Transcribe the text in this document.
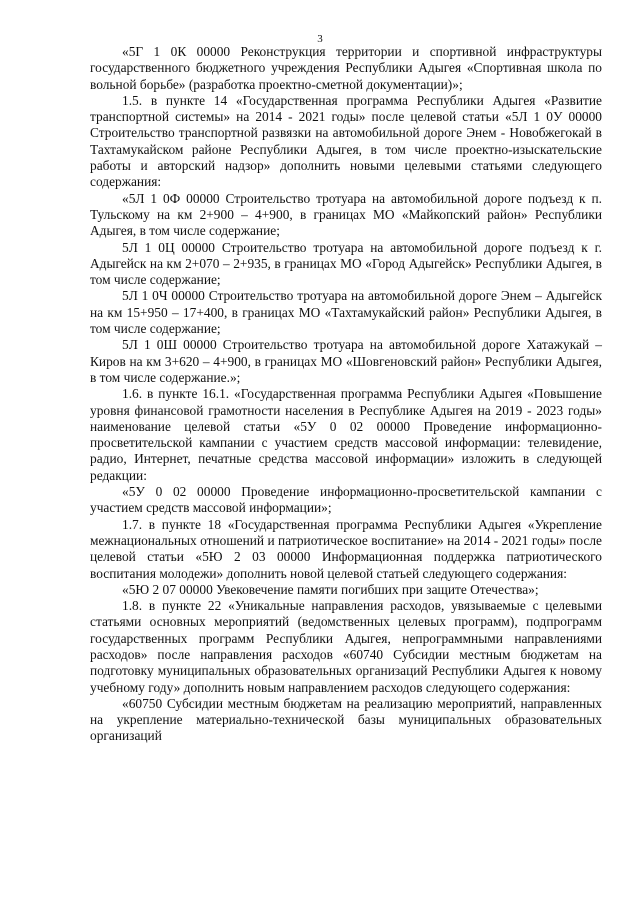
3

«5Г 1 0К 00000 Реконструкция территории и спортивной инфраструктуры государственного бюджетного учреждения Республики Адыгея «Спортивная школа по вольной борьбе» (разработка проектно-сметной документации)»;

1.5. в пункте 14 «Государственная программа Республики Адыгея «Развитие транспортной системы» на 2014 - 2021 годы» после целевой статьи «5Л 1 0У 00000 Строительство транспортной развязки на автомобильной дороге Энем - Новобжегокай в Тахтамукайском районе Республики Адыгея, в том числе проектно-изыскательские работы и авторский надзор» дополнить новыми целевыми статьями следующего содержания:

«5Л 1 0Ф 00000 Строительство тротуара на автомобильной дороге подъезд к п. Тульскому на км 2+900 – 4+900, в границах МО «Майкопский район» Республики Адыгея, в том числе содержание;

5Л 1 0Ц 00000 Строительство тротуара на автомобильной дороге подъезд к г. Адыгейск на км 2+070 – 2+935, в границах МО «Город Адыгейск» Республики Адыгея, в том числе содержание;

5Л 1 0Ч 00000 Строительство тротуара на автомобильной дороге Энем – Адыгейск на км 15+950 – 17+400, в границах МО «Тахтамукайский район» Республики Адыгея, в том числе содержание;

5Л 1 0Ш 00000 Строительство тротуара на автомобильной дороге Хатажукай – Киров на км 3+620 – 4+900, в границах МО «Шовгеновский район» Республики Адыгея, в том числе содержание.»;

1.6. в пункте 16.1. «Государственная программа Республики Адыгея «Повышение уровня финансовой грамотности населения в Республике Адыгея на 2019 - 2023 годы» наименование целевой статьи «5У 0 02 00000 Проведение информационно-просветительской кампании с участием средств массовой информации: телевидение, радио, Интернет, печатные средства массовой информации» изложить в следующей редакции:

«5У 0 02 00000 Проведение информационно-просветительской кампании с участием средств массовой информации»;

1.7. в пункте 18 «Государственная программа Республики Адыгея «Укрепление межнациональных отношений и патриотическое воспитание» на 2014 - 2021 годы» после целевой статьи «5Ю 2 03 00000 Информационная поддержка патриотического воспитания молодежи» дополнить новой целевой статьей следующего содержания:

«5Ю 2 07 00000 Увековечение памяти погибших при защите Отечества»;

1.8. в пункте 22 «Уникальные направления расходов, увязываемые с целевыми статьями основных мероприятий (ведомственных целевых программ), подпрограмм государственных программ Республики Адыгея, непрограммными направлениями расходов» после направления расходов «60740 Субсидии местным бюджетам на подготовку муниципальных образовательных организаций Республики Адыгея к новому учебному году» дополнить новым направлением расходов следующего содержания:

«60750 Субсидии местным бюджетам на реализацию мероприятий, направленных на укрепление материально-технической базы муниципальных образовательных организаций
